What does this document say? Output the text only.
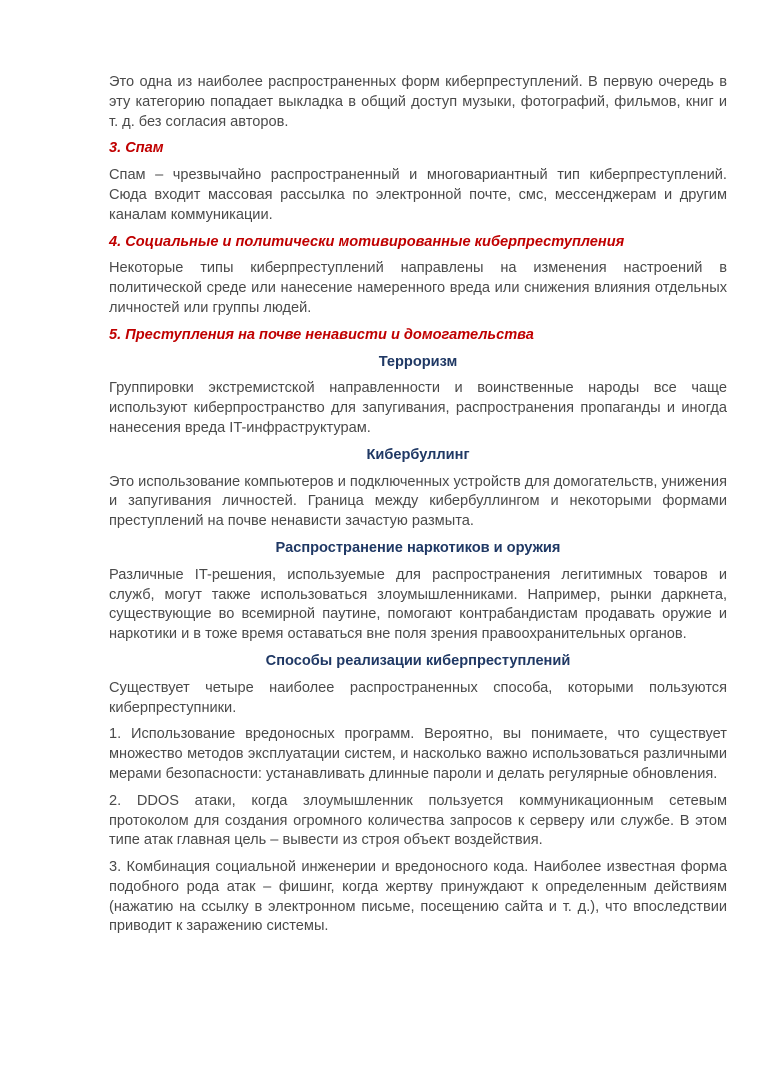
Это одна из наиболее распространенных форм киберпреступлений. В первую очередь в эту категорию попадает выкладка в общий доступ музыки, фотографий, фильмов, книг и т. д. без согласия авторов.

3. Спам

Спам – чрезвычайно распространенный и многовариантный тип киберпреступлений. Сюда входит массовая рассылка по электронной почте, смс, мессенджерам и другим каналам коммуникации.

4. Социальные и политически мотивированные киберпреступления

Некоторые типы киберпреступлений направлены на изменения настроений в политической среде или нанесение намеренного вреда или снижения влияния отдельных личностей или группы людей.

5. Преступления на почве ненависти и домогательства

Терроризм

Группировки экстремистской направленности и воинственные народы все чаще используют киберпространство для запугивания, распространения пропаганды и иногда нанесения вреда IT-инфраструктурам.

Кибербуллинг

Это использование компьютеров и подключенных устройств для домогательств, унижения и запугивания личностей. Граница между кибербуллингом и некоторыми формами преступлений на почве ненависти зачастую размыта.

Распространение наркотиков и оружия

Различные IT-решения, используемые для распространения легитимных товаров и служб, могут также использоваться злоумышленниками. Например, рынки даркнета, существующие во всемирной паутине, помогают контрабандистам продавать оружие и наркотики и в тоже время оставаться вне поля зрения правоохранительных органов.

Способы реализации киберпреступлений

Существует четыре наиболее распространенных способа, которыми пользуются киберпреступники.

1. Использование вредоносных программ. Вероятно, вы понимаете, что существует множество методов эксплуатации систем, и насколько важно использоваться различными мерами безопасности: устанавливать длинные пароли и делать регулярные обновления.

2. DDOS атаки, когда злоумышленник пользуется коммуникационным сетевым протоколом для создания огромного количества запросов к серверу или службе. В этом типе атак главная цель – вывести из строя объект воздействия.

3. Комбинация социальной инженерии и вредоносного кода. Наиболее известная форма подобного рода атак – фишинг, когда жертву принуждают к определенным действиям (нажатию на ссылку в электронном письме, посещению сайта и т. д.), что впоследствии приводит к заражению системы.
